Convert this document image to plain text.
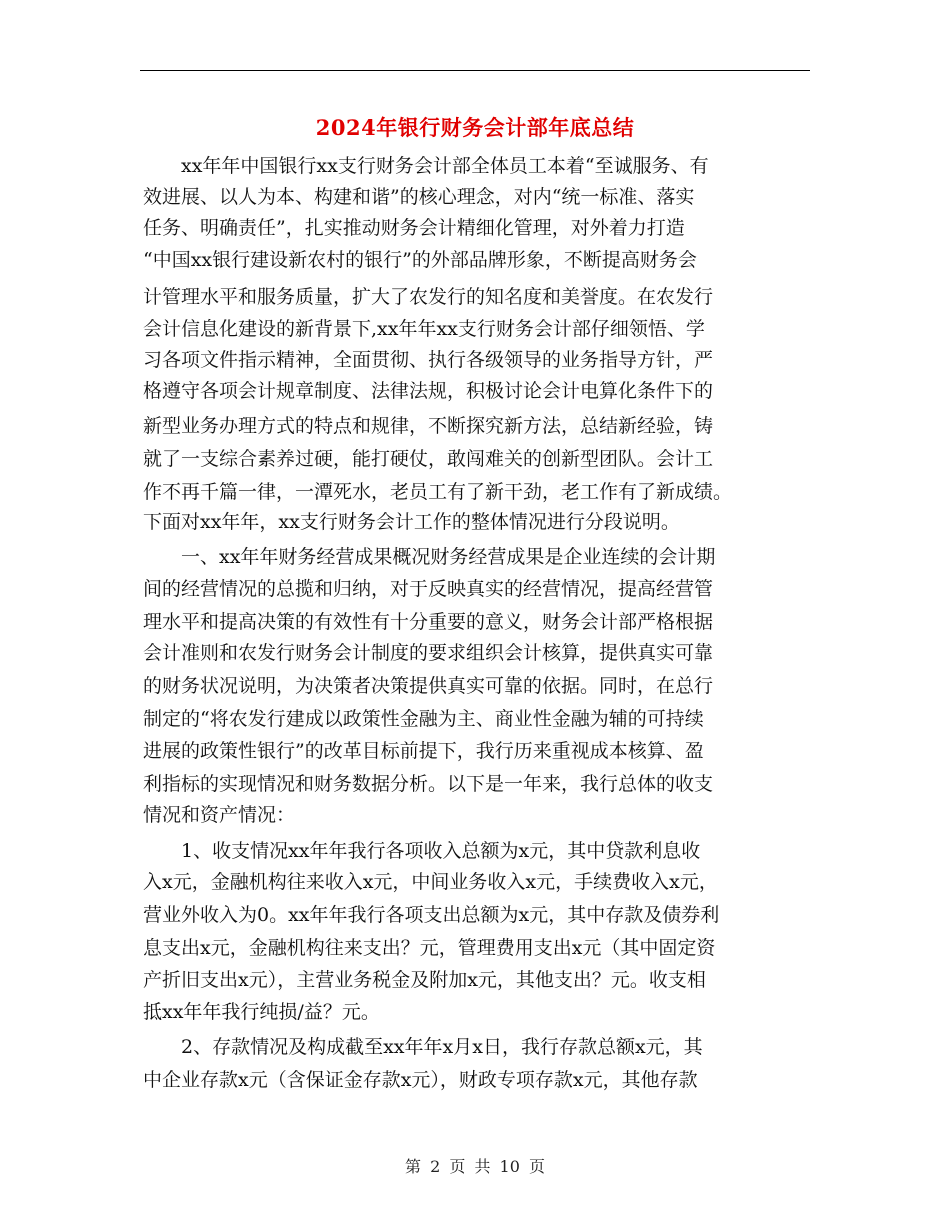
2024年银行财务会计部年底总结
　　xx年年中国银行xx支行财务会计部全体员工本着“至诚服务、有
效进展、以人为本、构建和谐”的核心理念，对内“统一标准、落实
任务、明确责任”，扎实推动财务会计精细化管理，对外着力打造
“中国xx银行建设新农村的银行”的外部品牌形象，不断提高财务会
计管理水平和服务质量，扩大了农发行的知名度和美誉度。在农发行
会计信息化建设的新背景下,xx年年xx支行财务会计部仔细领悟、学
习各项文件指示精神，全面贯彻、执行各级领导的业务指导方针，严
格遵守各项会计规章制度、法律法规，积极讨论会计电算化条件下的
新型业务办理方式的特点和规律，不断探究新方法，总结新经验，铸
就了一支综合素养过硬，能打硬仗，敢闯难关的创新型团队。会计工
作不再千篇一律，一潭死水，老员工有了新干劲，老工作有了新成绩。
下面对xx年年，xx支行财务会计工作的整体情况进行分段说明。
　　一、xx年年财务经营成果概况财务经营成果是企业连续的会计期
间的经营情况的总揽和归纳，对于反映真实的经营情况，提高经营管
理水平和提高决策的有效性有十分重要的意义，财务会计部严格根据
会计准则和农发行财务会计制度的要求组织会计核算，提供真实可靠
的财务状况说明，为决策者决策提供真实可靠的依据。同时，在总行
制定的“将农发行建成以政策性金融为主、商业性金融为辅的可持续
进展的政策性银行”的改革目标前提下，我行历来重视成本核算、盈
利指标的实现情况和财务数据分析。以下是一年来，我行总体的收支
情况和资产情况：
　　1、收支情况xx年年我行各项收入总额为x元，其中贷款利息收
入x元，金融机构往来收入x元，中间业务收入x元，手续费收入x元，
营业外收入为0。xx年年我行各项支出总额为x元，其中存款及债券利
息支出x元，金融机构往来支出？元，管理费用支出x元（其中固定资
产折旧支出x元），主营业务税金及附加x元，其他支出？元。收支相
抵xx年年我行纯损/益？元。
　　2、存款情况及构成截至xx年年x月x日，我行存款总额x元，其
中企业存款x元（含保证金存款x元），财政专项存款x元，其他存款
第 2 页 共 10 页
